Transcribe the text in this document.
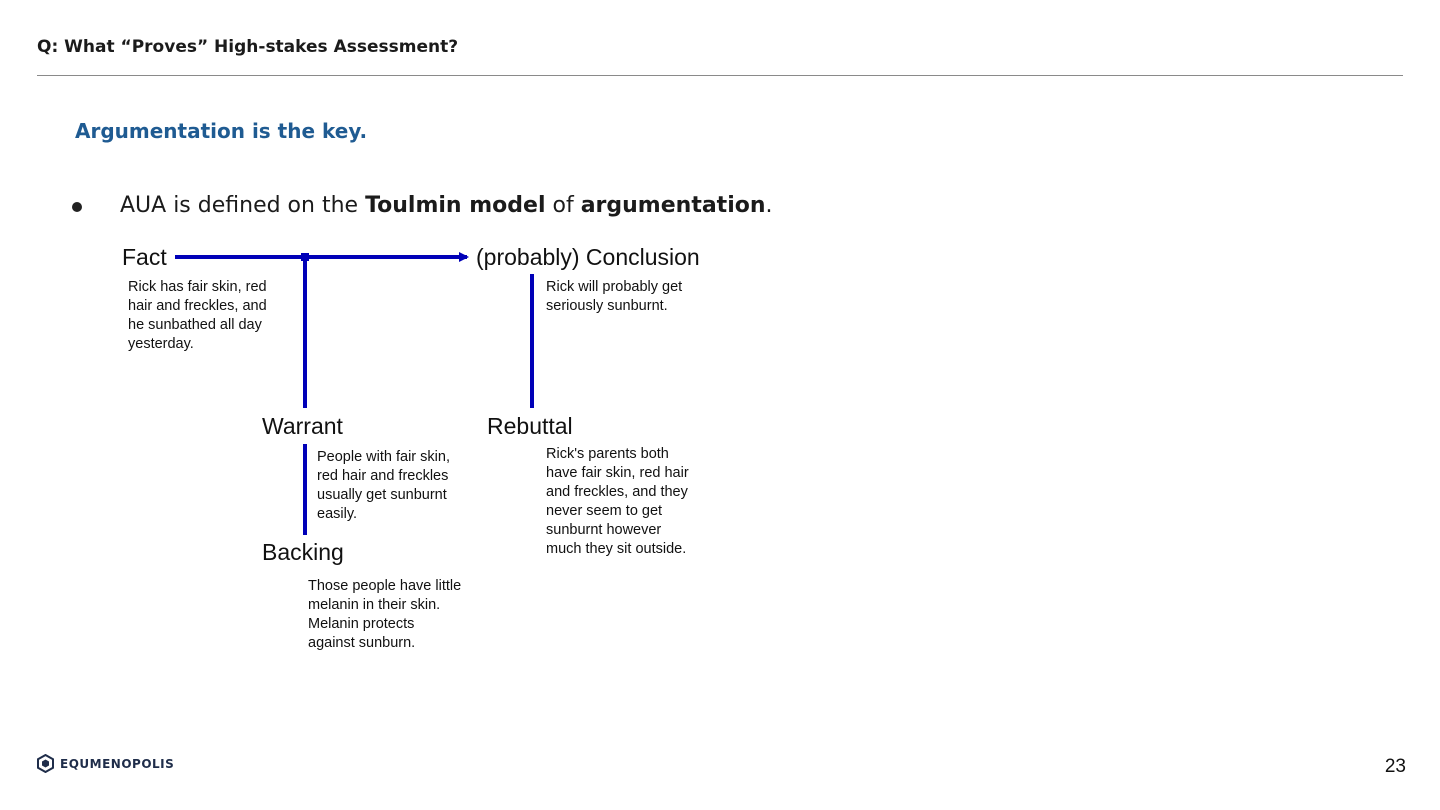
Q: What “Proves” High-stakes Assessment?
Argumentation is the key.
AUA is defined on the Toulmin model of argumentation.
Fact
Rick has fair skin, red
hair and freckles, and
he sunbathed all day
yesterday.
(probably) Conclusion
Rick will probably get
seriously sunburnt.
Warrant
People with fair skin,
red hair and freckles
usually get sunburnt
easily.
Rebuttal
Rick's parents both
have fair skin, red hair
and freckles, and they
never seem to get
sunburnt however
much they sit outside.
Backing
Those people have little
melanin in their skin.
Melanin protects
against sunburn.
EQUMENOPOLIS	23
